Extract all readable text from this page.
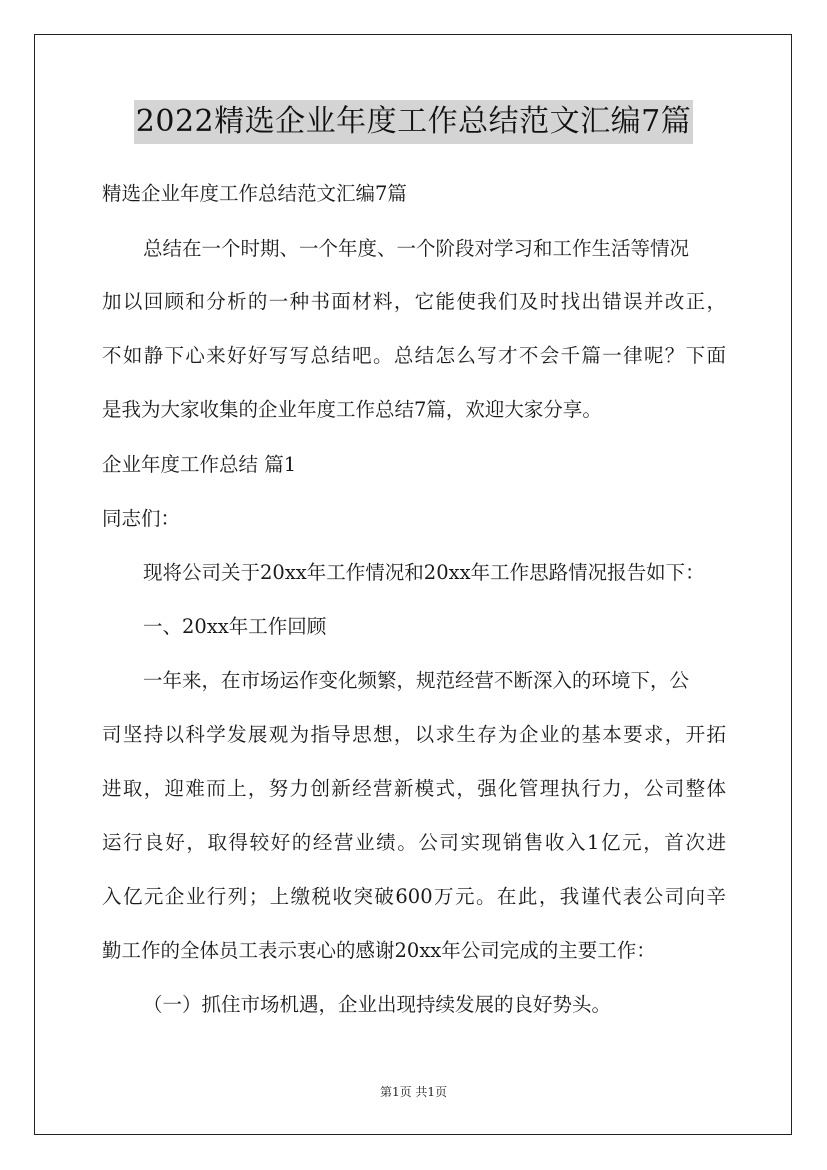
2022精选企业年度工作总结范文汇编7篇
精选企业年度工作总结范文汇编7篇
总结在一个时期、一个年度、一个阶段对学习和工作生活等情况
加以回顾和分析的一种书面材料，它能使我们及时找出错误并改正，
不如静下心来好好写写总结吧。总结怎么写才不会千篇一律呢？下面
是我为大家收集的企业年度工作总结7篇，欢迎大家分享。
企业年度工作总结 篇1
同志们：
现将公司关于20xx年工作情况和20xx年工作思路情况报告如下：
一、20xx年工作回顾
一年来，在市场运作变化频繁，规范经营不断深入的环境下，公
司坚持以科学发展观为指导思想，以求生存为企业的基本要求，开拓
进取，迎难而上，努力创新经营新模式，强化管理执行力，公司整体
运行良好，取得较好的经营业绩。公司实现销售收入1亿元，首次进
入亿元企业行列；上缴税收突破600万元。在此，我谨代表公司向辛
勤工作的全体员工表示衷心的感谢20xx年公司完成的主要工作：
（一）抓住市场机遇，企业出现持续发展的良好势头。
第1页 共1页
